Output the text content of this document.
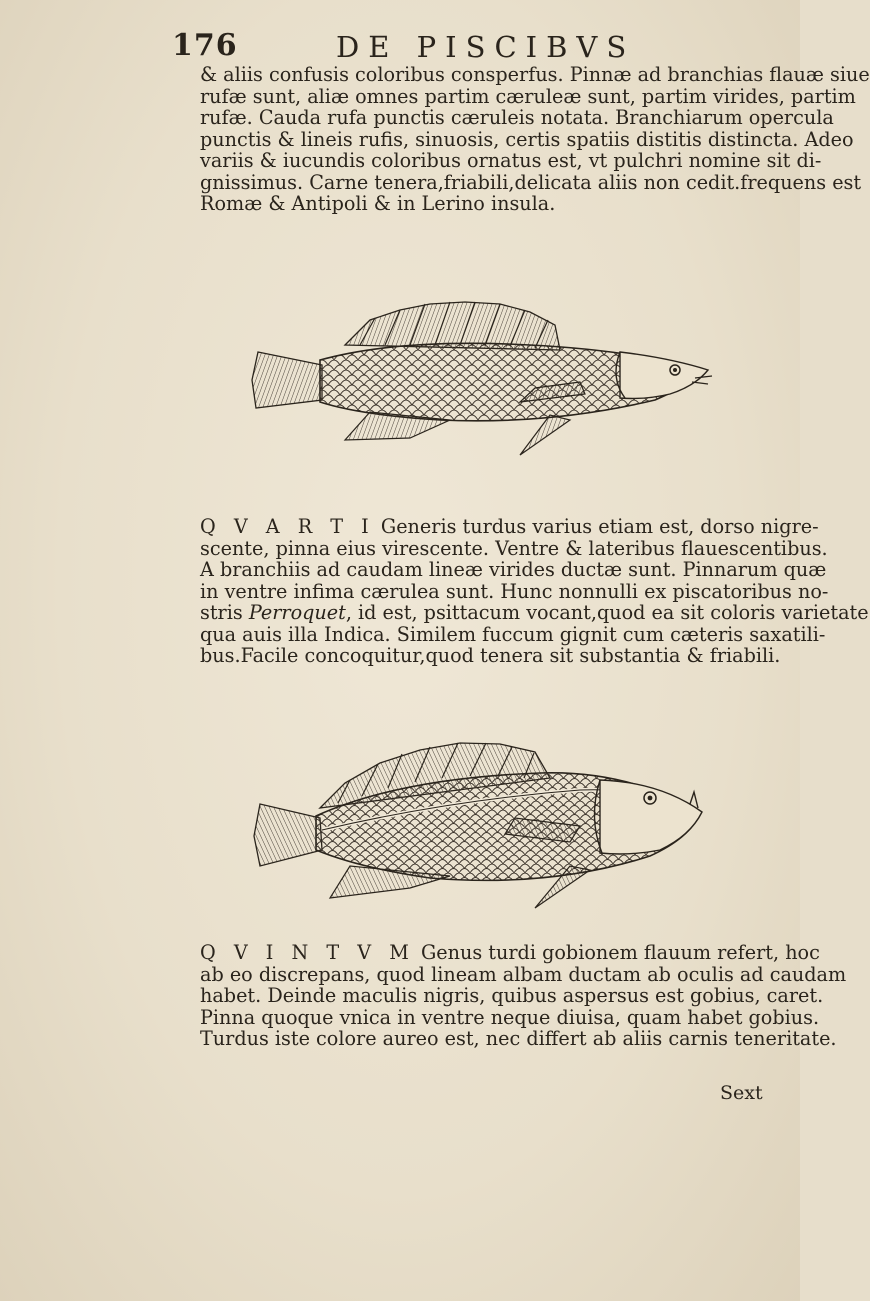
176	DE PISCIBVS
& aliis confusis coloribus consperfus. Pinnæ ad branchias flauæ siue
rufæ sunt, aliæ omnes partim cæruleæ sunt, partim virides, partim
rufæ. Cauda rufa punctis cæruleis notata. Branchiarum opercula
punctis & lineis rufis, sinuosis, certis spatiis distitis distincta. Adeo
variis & iucundis coloribus ornatus est, vt pulchri nomine sit di-
gnissimus. Carne tenera,friabili,delicata aliis non cedit.frequens est
Romæ & Antipoli & in Lerino insula.
Q V A R T I Generis turdus varius etiam est, dorso nigre-
scente, pinna eius virescente. Ventre & lateribus flauescentibus.
A branchiis ad caudam lineæ virides ductæ sunt. Pinnarum quæ
in ventre infima cærulea sunt. Hunc nonnulli ex piscatoribus no-
stris Perroquet, id est, psittacum vocant,quod ea sit coloris varietate
qua auis illa Indica. Similem fuccum gignit cum cæteris saxatili-
bus.Facile concoquitur,quod tenera sit substantia & friabili.
Q V I N T V M Genus turdi gobionem flauum refert, hoc
ab eo discrepans, quod lineam albam ductam ab oculis ad caudam
habet. Deinde maculis nigris, quibus aspersus est gobius, caret.
Pinna quoque vnica in ventre neque diuisa, quam habet gobius.
Turdus iste colore aureo est, nec differt ab aliis carnis teneritate.
Sext
